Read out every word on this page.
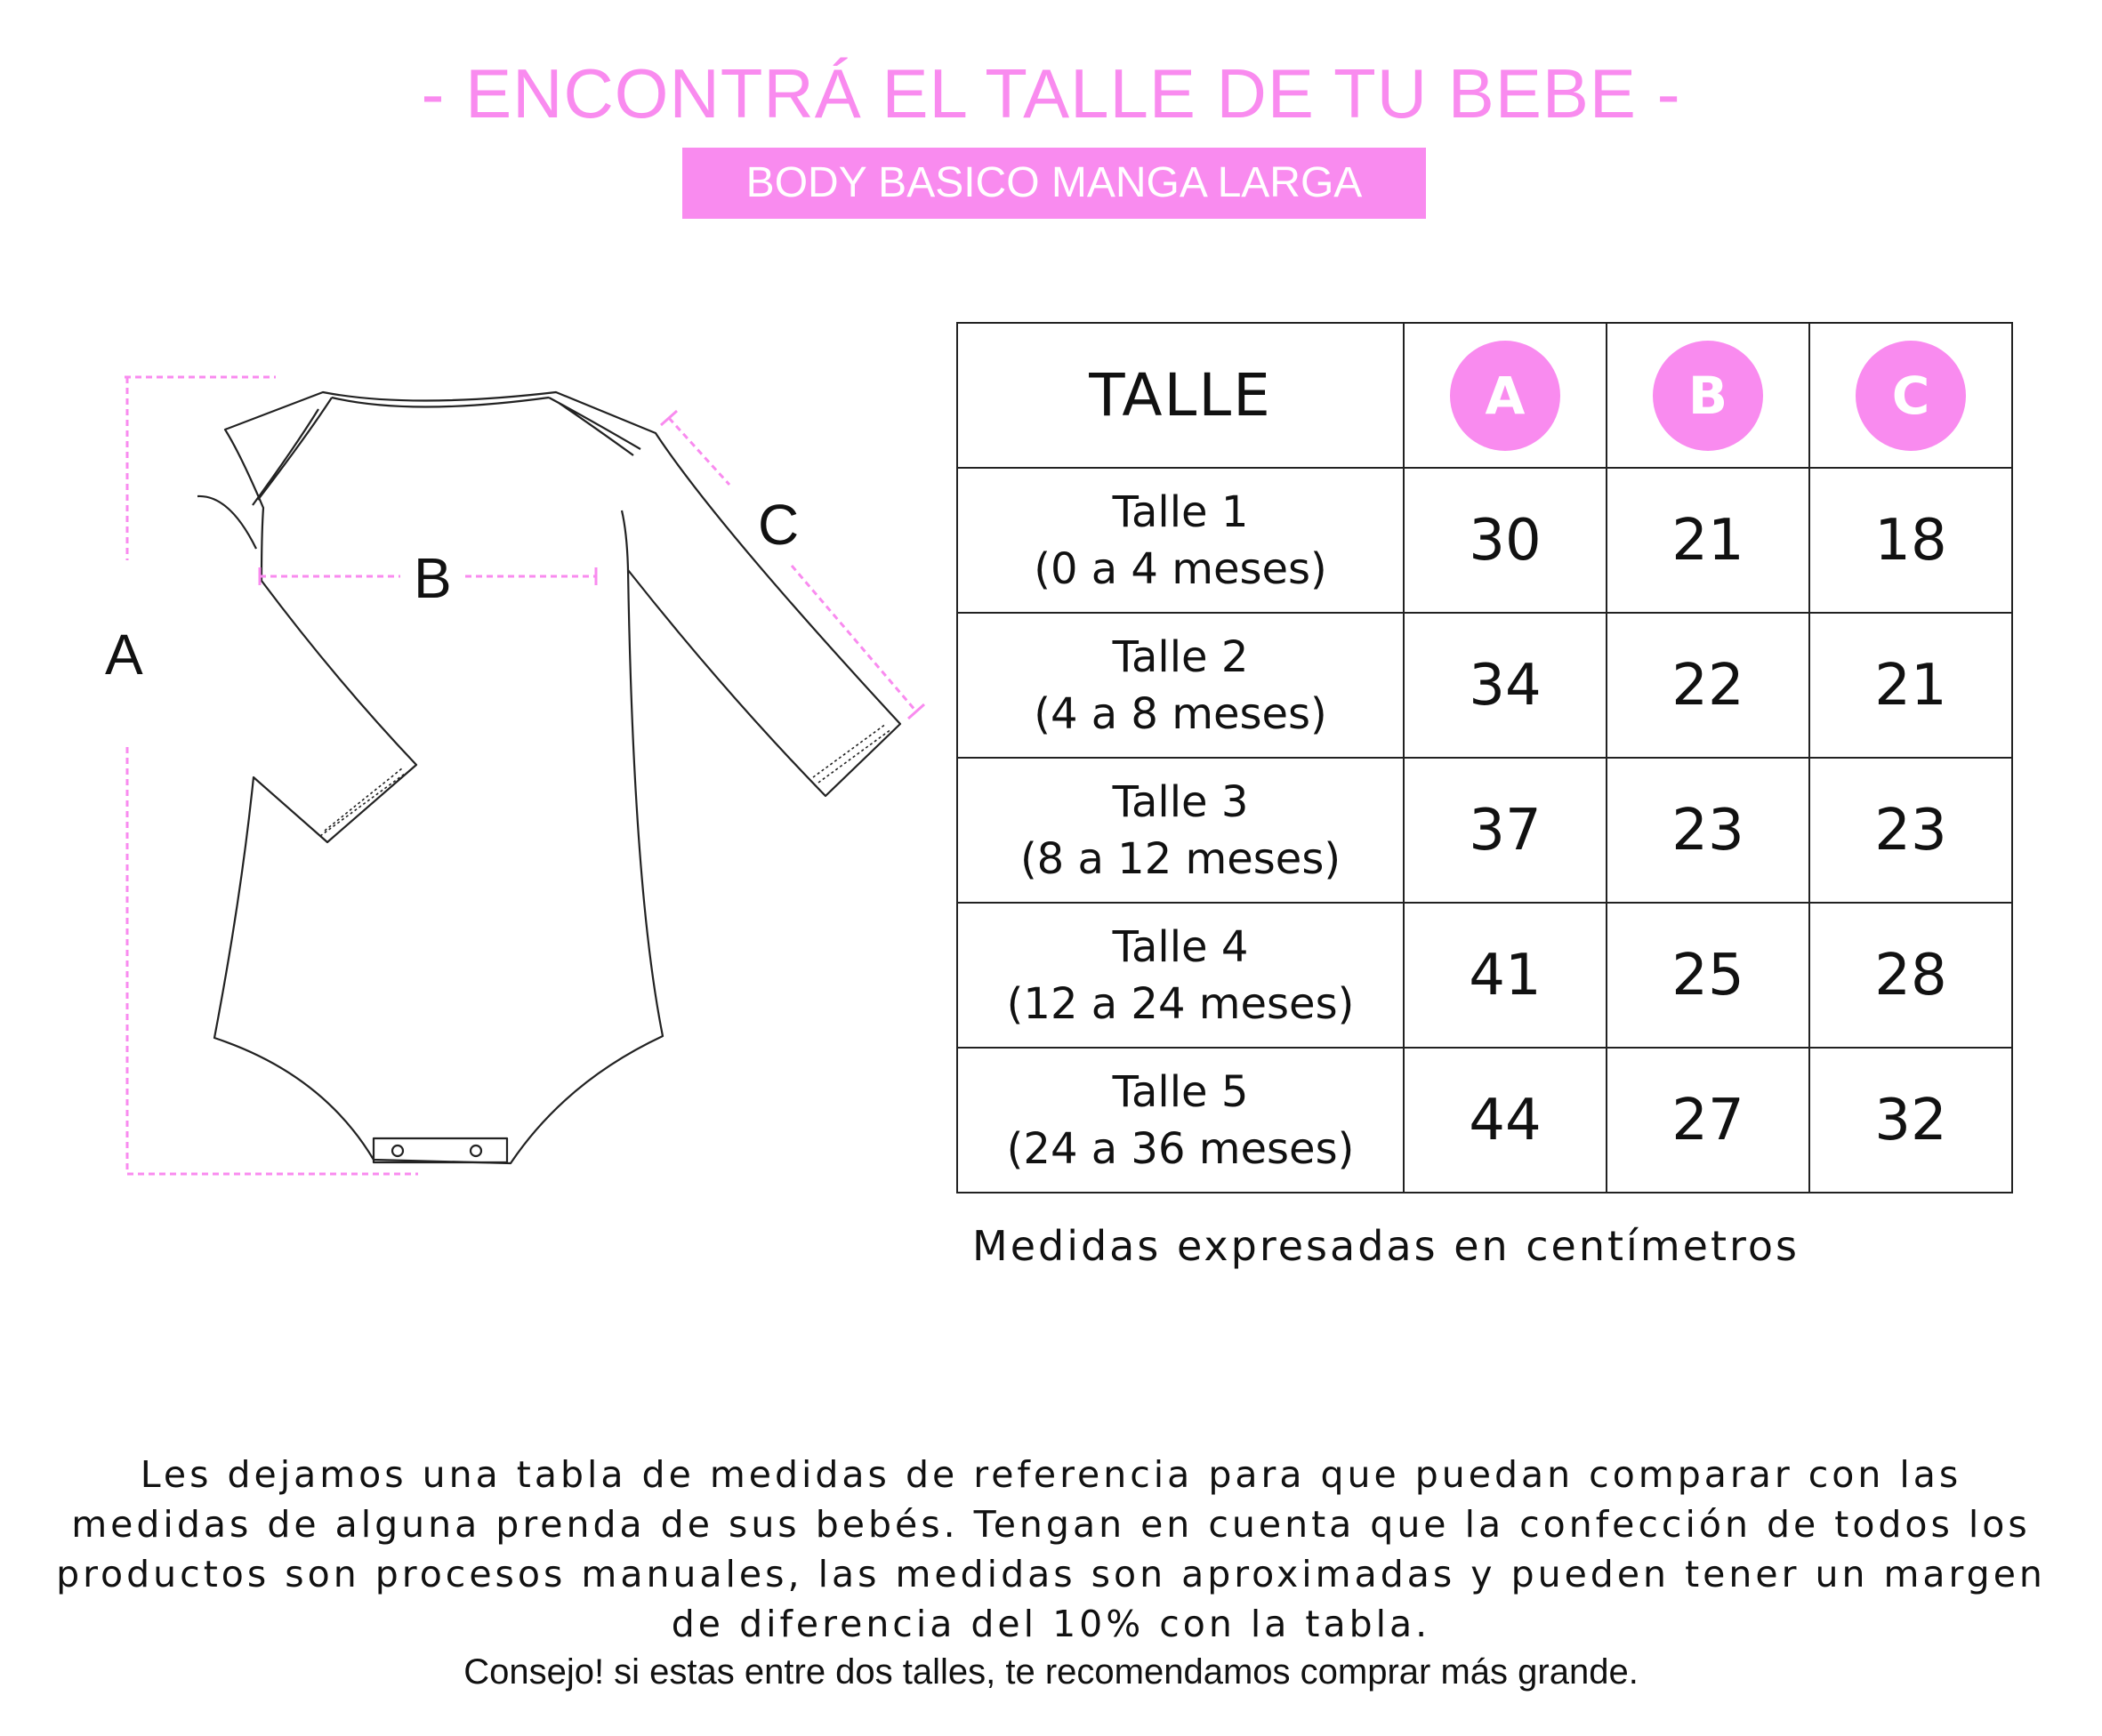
- ENCONTRÁ EL TALLE DE TU BEBE -
BODY BASICO MANGA LARGA
A
B
C
TALLE	A	B	C

Talle 1
(0 a 4 meses)	30	21	18

Talle 2
(4 a 8 meses)	34	22	21

Talle 3
(8 a 12 meses)	37	23	23

Talle 4
(12 a 24 meses)	41	25	28

Talle 5
(24 a 36 meses)	44	27	32
Medidas expresadas en centímetros
Les dejamos una tabla de medidas de referencia para que puedan comparar con las
medidas de alguna prenda de sus bebés. Tengan en cuenta que la confección de todos los
productos son procesos manuales, las medidas son aproximadas y pueden tener un margen
de diferencia del 10% con la tabla.
Consejo! si estas entre dos talles, te recomendamos comprar más grande.
